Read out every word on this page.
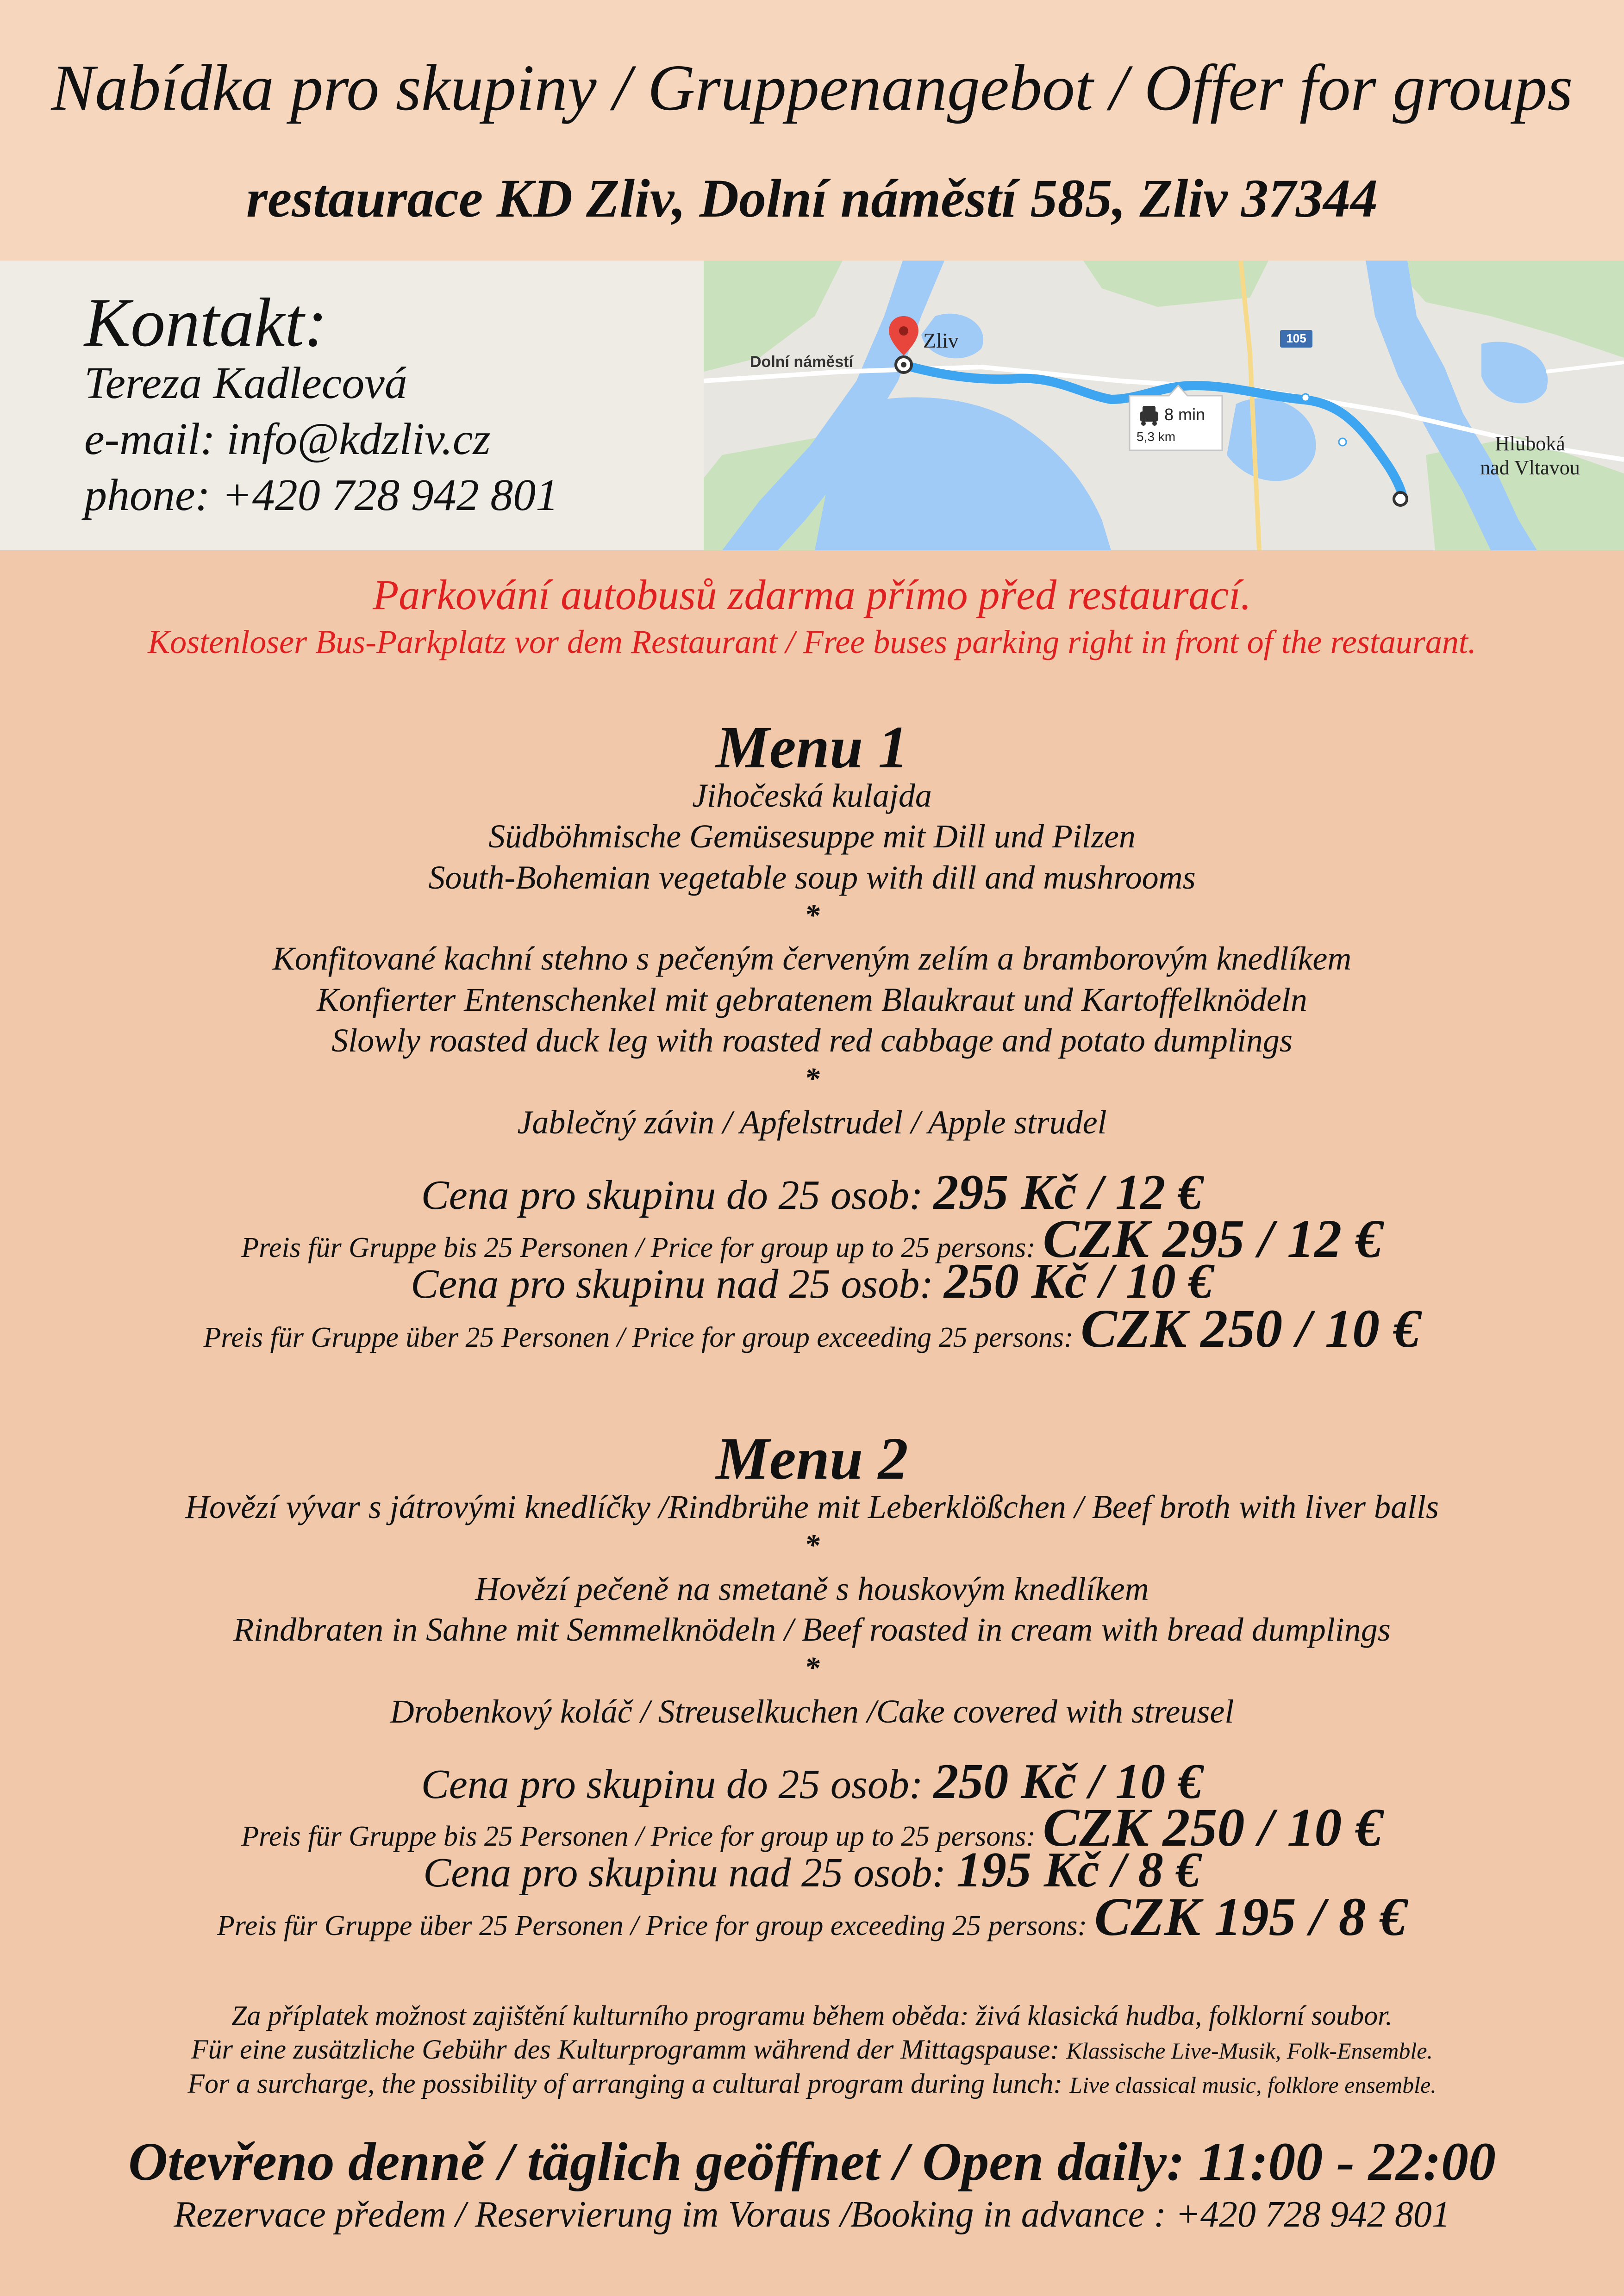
Nabídka pro skupiny / Gruppenangebot / Offer for groups
restaurace KD Zliv, Dolní náměstí 585, Zliv 37344
Kontakt:
Tereza Kadlecová
e-mail: info@kdzliv.cz
phone: +420 728 942 801
105
Dolní náměstí
Zliv
Hluboká
nad Vltavou
8 min
5,3 km
Parkování autobusů zdarma přímo před restaurací.
Kostenloser Bus-Parkplatz vor dem Restaurant / Free buses parking right in front of the restaurant.
Menu 1
Jihočeská kulajda
Südböhmische Gemüsesuppe mit Dill und Pilzen
South-Bohemian vegetable soup with dill and mushrooms
*
Konfitované kachní stehno s pečeným červeným zelím a bramborovým knedlíkem
Konfierter Entenschenkel mit gebratenem Blaukraut und Kartoffelknödeln
Slowly roasted duck leg with roasted red cabbage and potato dumplings
*
Jablečný závin / Apfelstrudel / Apple strudel
Cena pro skupinu do 25 osob: 295 Kč / 12 €
Preis für Gruppe bis 25 Personen / Price for group up to 25 persons: CZK 295 / 12 €
Cena pro skupinu nad 25 osob: 250 Kč / 10 €
Preis für Gruppe über 25 Personen / Price for group exceeding 25 persons: CZK 250 / 10 €
Menu 2
Hovězí vývar s játrovými knedlíčky /Rindbrühe mit Leberklößchen / Beef broth with liver balls
*
Hovězí pečeně na smetaně s houskovým knedlíkem
Rindbraten in Sahne mit Semmelknödeln / Beef roasted in cream with bread dumplings
*
Drobenkový koláč / Streuselkuchen /Cake covered with streusel
Cena pro skupinu do 25 osob: 250 Kč / 10 €
Preis für Gruppe bis 25 Personen / Price for group up to 25 persons: CZK 250 / 10 €
Cena pro skupinu nad 25 osob: 195 Kč / 8 €
Preis für Gruppe über 25 Personen / Price for group exceeding 25 persons: CZK 195 / 8 €
Za příplatek možnost zajištění kulturního programu během oběda: živá klasická hudba, folklorní soubor.
Für eine zusätzliche Gebühr des Kulturprogramm während der Mittagspause: Klassische Live-Musik, Folk-Ensemble.
For a surcharge, the possibility of arranging a cultural program during lunch: Live classical music, folklore ensemble.
Otevřeno denně / täglich geöffnet / Open daily: 11:00 - 22:00
Rezervace předem / Reservierung im Voraus /Booking in advance : +420 728 942 801
